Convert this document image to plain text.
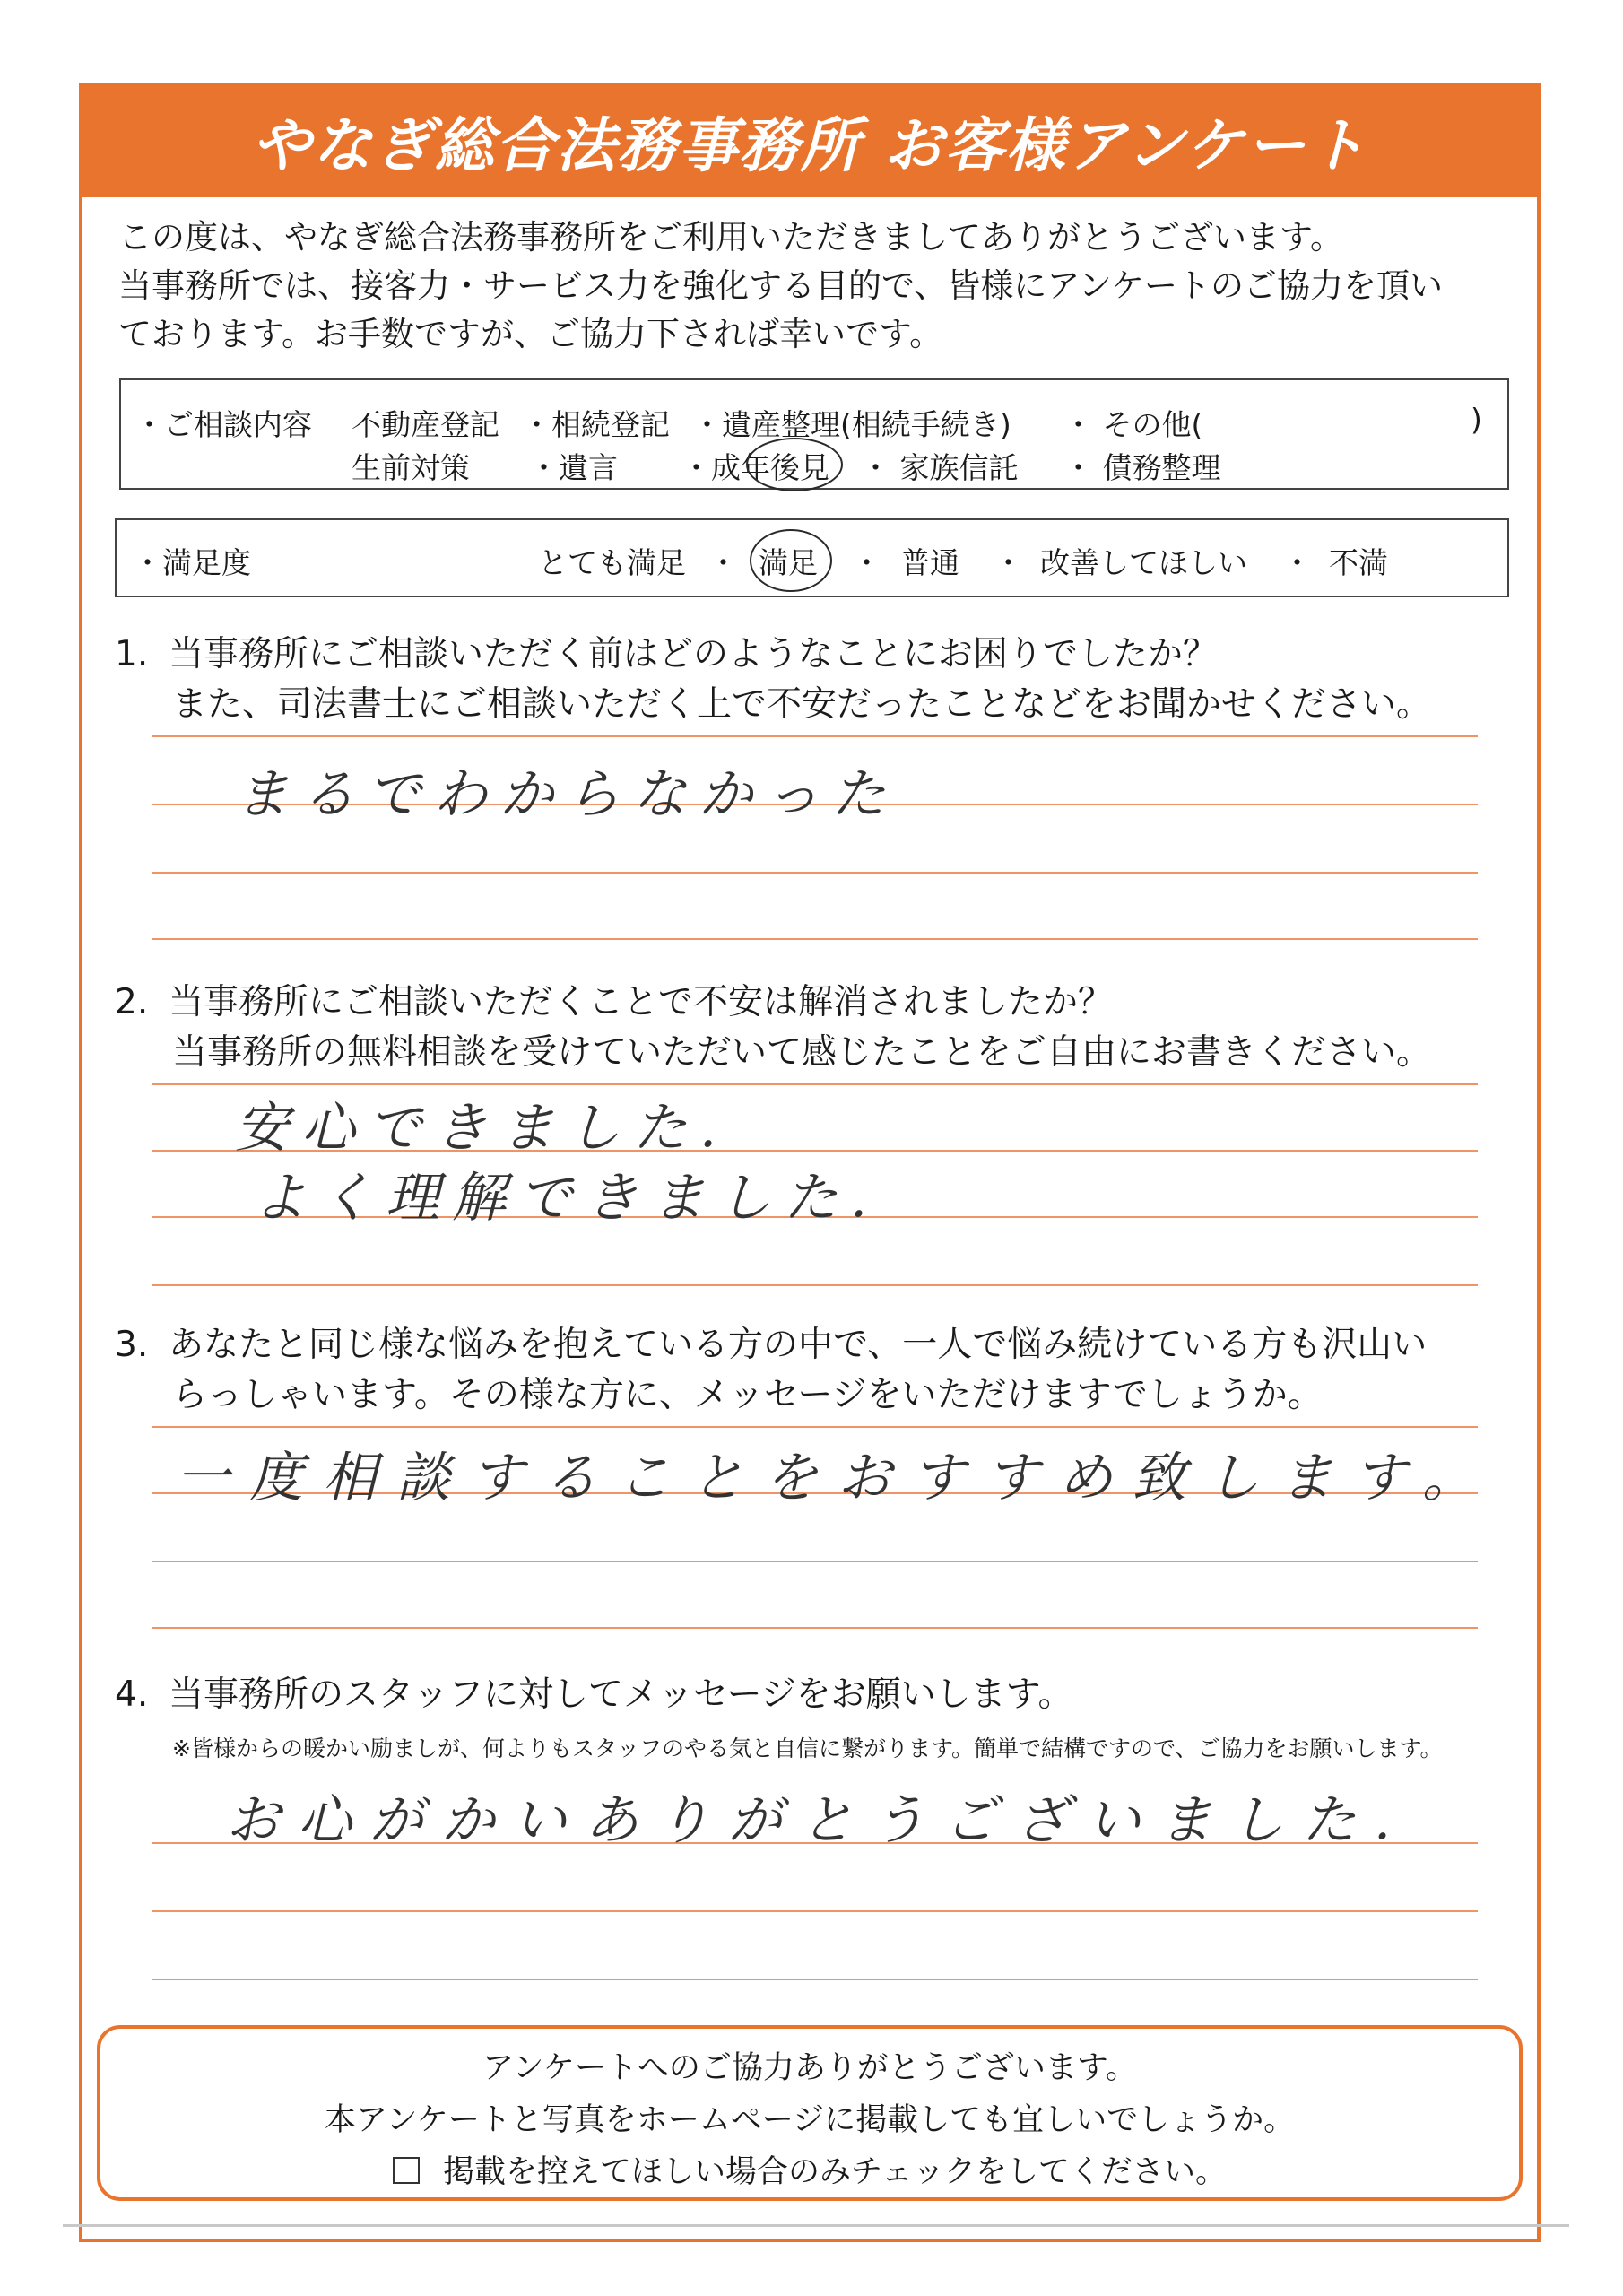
やなぎ総合法務事務所 お客様アンケート

この度は、やなぎ総合法務事務所をご利用いただきましてありがとうございます。

当事務所では、接客力・サービス力を強化する目的で、皆様にアンケートのご協力を頂い

ております。お手数ですが、ご協力下されば幸いです。

・ご相談内容 不動産登記 ・相続登記 ・遺産整理(相続手続き) ・ その他(	)
生前対策 ・遺言 ・成年後見 ・ 家族信託 ・ 債務整理
・満足度	とても満足 ・ 満足 ・ 普通 ・ 改善してほしい ・ 不満
1. 当事務所にご相談いただく前はどのようなことにお困りでしたか？
また、司法書士にご相談いただく上で不安だったことなどをお聞かせください。
まるでわからなかった
2. 当事務所にご相談いただくことで不安は解消されましたか？
当事務所の無料相談を受けていただいて感じたことをご自由にお書きください。
安心できました.
よく理解できました.
3. あなたと同じ様な悩みを抱えている方の中で、一人で悩み続けている方も沢山い
らっしゃいます。その様な方に、メッセージをいただけますでしょうか。
一度相談することをおすすめ致します。
4. 当事務所のスタッフに対してメッセージをお願いします。
※皆様からの暖かい励ましが、何よりもスタッフのやる気と自信に繋がります。簡単で結構ですので、ご協力をお願いします。
お心がかいありがとうございました.
アンケートへのご協力ありがとうございます。
本アンケートと写真をホームページに掲載しても宜しいでしょうか。
掲載を控えてほしい場合のみチェックをしてください。
